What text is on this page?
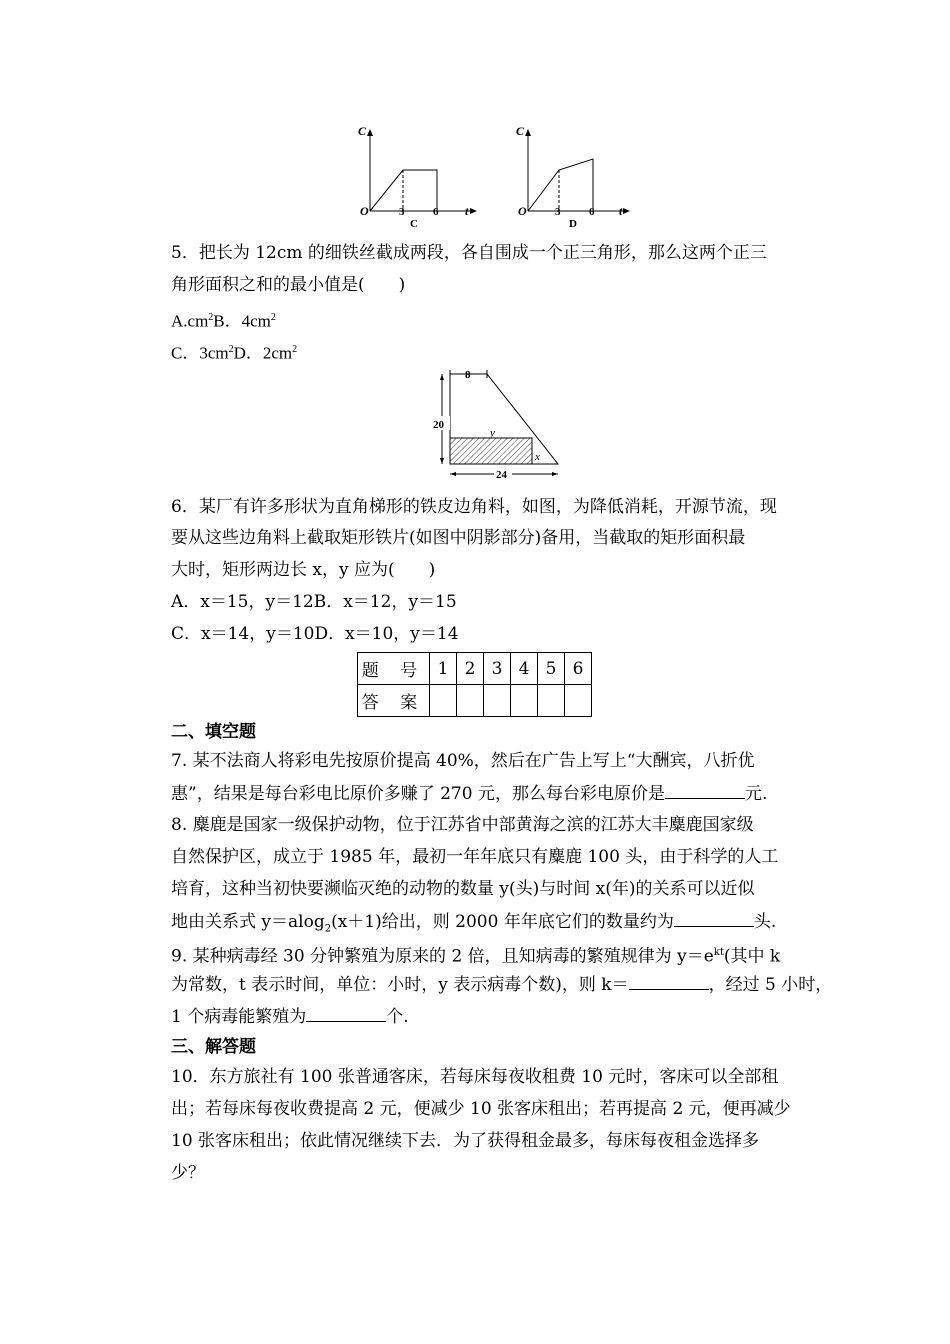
C
O	3	6 t
C
C
O	3	6 t
D
5．把长为 12cm 的细铁丝截成两段，各自围成一个正三角形，那么这两个正三
角形面积之和的最小值是(　　)
$A.cm^2B$．$4cm^2$
C．$3cm^2D$．$2cm^2$
8
20
24
y
x
6．某厂有许多形状为直角梯形的铁皮边角料，如图，为降低消耗，开源节流，现
要从这些边角料上截取矩形铁片(如图中阴影部分)备用，当截取的矩形面积最
大时，矩形两边长 x，y 应为(　　)
A．x＝15，y＝12B．x＝12，y＝15
C．x＝14，y＝10D．x＝10，y＝14
题 号	1	2	3	4	5	6
答 案						
二、填空题
7. 某不法商人将彩电先按原价提高 40%，然后在广告上写上“大酬宾，八折优
惠”，结果是每台彩电比原价多赚了 270 元，那么每台彩电原价是	元.
8. 麋鹿是国家一级保护动物，位于江苏省中部黄海之滨的江苏大丰麋鹿国家级
自然保护区，成立于 1985 年，最初一年年底只有麋鹿 100 头，由于科学的人工
培育，这种当初快要濒临灭绝的动物的数量 y(头)与时间 x(年)的关系可以近似
地由关系式 y＝alog$_2$(x＋1)给出，则 2000 年年底它们的数量约为	头.
9. 某种病毒经 30 分钟繁殖为原来的 2 倍，且知病毒的繁殖规律为 $y=e^{kt}$(其中 k
为常数，t 表示时间，单位：小时，y 表示病毒个数)，则 k＝	，经过 5 小时，
1 个病毒能繁殖为	个.
三、解答题
10．东方旅社有 100 张普通客床，若每床每夜收租费 10 元时，客床可以全部租
出；若每床每夜收费提高 2 元，便减少 10 张客床租出；若再提高 2 元，便再减少
10 张客床租出；依此情况继续下去．为了获得租金最多，每床每夜租金选择多
少？
